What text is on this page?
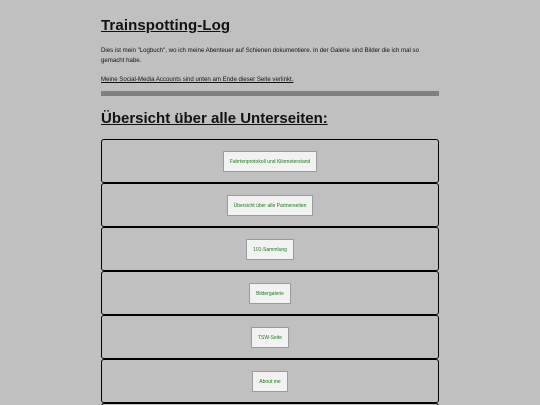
Trainspotting-Log

Dies ist mein "Logbuch", wo ich meine Abenteuer auf Schienen dokumentiere. In der Galerie sind Bilder die ich mal so gemacht habe.

Meine Social-Media Accounts sind unten am Ende dieser Seite verlinkt.

Übersicht über alle Unterseiten:
Fahrtenprotokoll und Kilometerstand
Übersicht über alle Partnerseiten
101-Sammlung
Bildergalerie
TSW-Seite
About me
